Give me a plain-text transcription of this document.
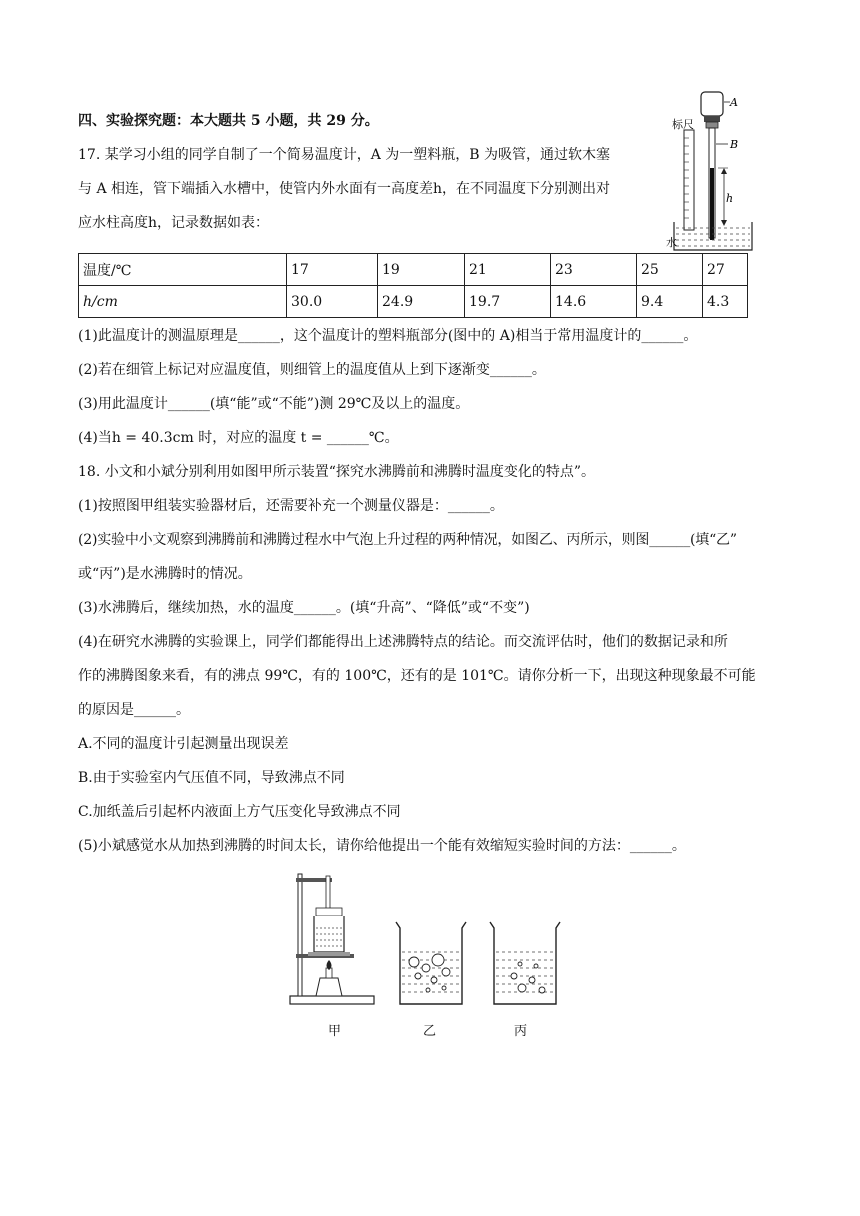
四、实验探究题：本大题共 5 小题，共 29 分。
17. 某学习小组的同学自制了一个简易温度计，A 为一塑料瓶，B 为吸管，通过软木塞
与 A 相连，管下端插入水槽中，使管内外水面有一高度差h，在不同温度下分别测出对
应水柱高度h，记录数据如表：
A
B
标尺
h
水
温度/℃	17	19	21	23	25	27
h/cm	30.0	24.9	19.7	14.6	9.4	4.3
(1)此温度计的测温原理是______，这个温度计的塑料瓶部分(图中的 A)相当于常用温度计的______。
(2)若在细管上标记对应温度值，则细管上的温度值从上到下逐渐变______。
(3)用此温度计______(填“能”或“不能”)测 29℃及以上的温度。
(4)当h = 40.3cm 时，对应的温度 t = ______℃。
18. 小文和小斌分别利用如图甲所示装置“探究水沸腾前和沸腾时温度变化的特点”。
(1)按照图甲组装实验器材后，还需要补充一个测量仪器是：______。
(2)实验中小文观察到沸腾前和沸腾过程水中气泡上升过程的两种情况，如图乙、丙所示，则图______(填“乙”
或“丙”)是水沸腾时的情况。
(3)水沸腾后，继续加热，水的温度______。(填“升高”、“降低”或“不变”)
(4)在研究水沸腾的实验课上，同学们都能得出上述沸腾特点的结论。而交流评估时，他们的数据记录和所
作的沸腾图象来看，有的沸点 99℃，有的 100℃，还有的是 101℃。请你分析一下，出现这种现象最不可能
的原因是______。
A.不同的温度计引起测量出现误差
B.由于实验室内气压值不同，导致沸点不同
C.加纸盖后引起杯内液面上方气压变化导致沸点不同
(5)小斌感觉水从加热到沸腾的时间太长，请你给他提出一个能有效缩短实验时间的方法：______。
甲	乙	丙
